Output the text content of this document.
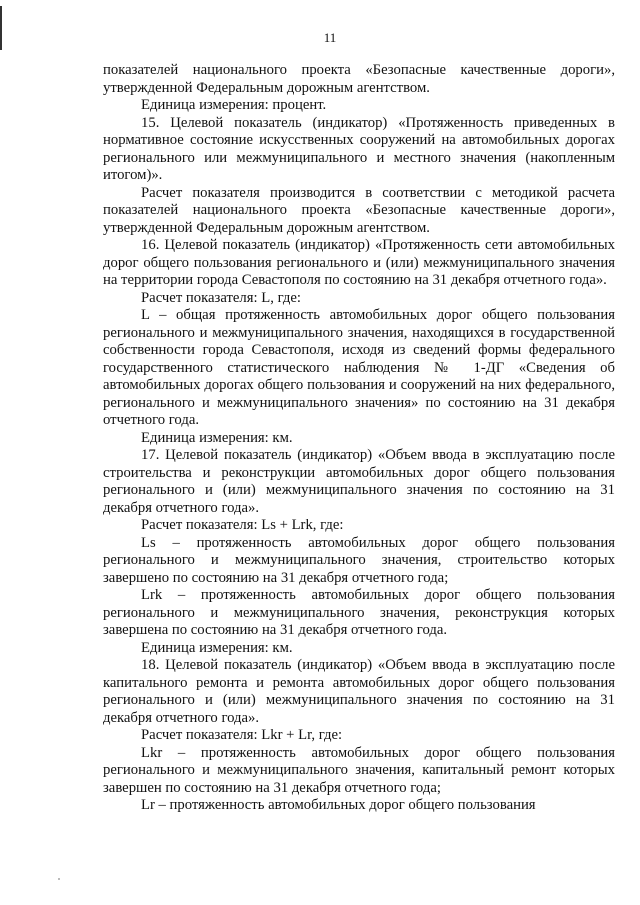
11

показателей национального проекта «Безопасные качественные дороги», утвержденной Федеральным дорожным агентством.

Единица измерения: процент.

15. Целевой показатель (индикатор) «Протяженность приведенных в нормативное состояние искусственных сооружений на автомобильных дорогах регионального или межмуниципального и местного значения (накопленным итогом)».

Расчет показателя производится в соответствии с методикой расчета показателей национального проекта «Безопасные качественные дороги», утвержденной Федеральным дорожным агентством.

16. Целевой показатель (индикатор) «Протяженность сети автомобильных дорог общего пользования регионального и (или) межмуниципального значения на территории города Севастополя по состоянию на 31 декабря отчетного года».

Расчет показателя: L, где:

L – общая протяженность автомобильных дорог общего пользования регионального и межмуниципального значения, находящихся в государственной собственности города Севастополя, исходя из сведений формы федерального государственного статистического наблюдения № 1-ДГ «Сведения об автомобильных дорогах общего пользования и сооружений на них федерального, регионального и межмуниципального значения» по состоянию на 31 декабря отчетного года.

Единица измерения: км.

17. Целевой показатель (индикатор) «Объем ввода в эксплуатацию после строительства и реконструкции автомобильных дорог общего пользования регионального и (или) межмуниципального значения по состоянию на 31 декабря отчетного года».

Расчет показателя: Ls + Lrk, где:

Ls – протяженность автомобильных дорог общего пользования регионального и межмуниципального значения, строительство которых завершено по состоянию на 31 декабря отчетного года;

Lrk – протяженность автомобильных дорог общего пользования регионального и межмуниципального значения, реконструкция которых завершена по состоянию на 31 декабря отчетного года.

Единица измерения: км.

18. Целевой показатель (индикатор) «Объем ввода в эксплуатацию после капитального ремонта и ремонта автомобильных дорог общего пользования регионального и (или) межмуниципального значения по состоянию на 31 декабря отчетного года».

Расчет показателя: Lkr + Lr, где:

Lkr – протяженность автомобильных дорог общего пользования регионального и межмуниципального значения, капитальный ремонт которых завершен по состоянию на 31 декабря отчетного года;

Lr – протяженность автомобильных дорог общего пользования
